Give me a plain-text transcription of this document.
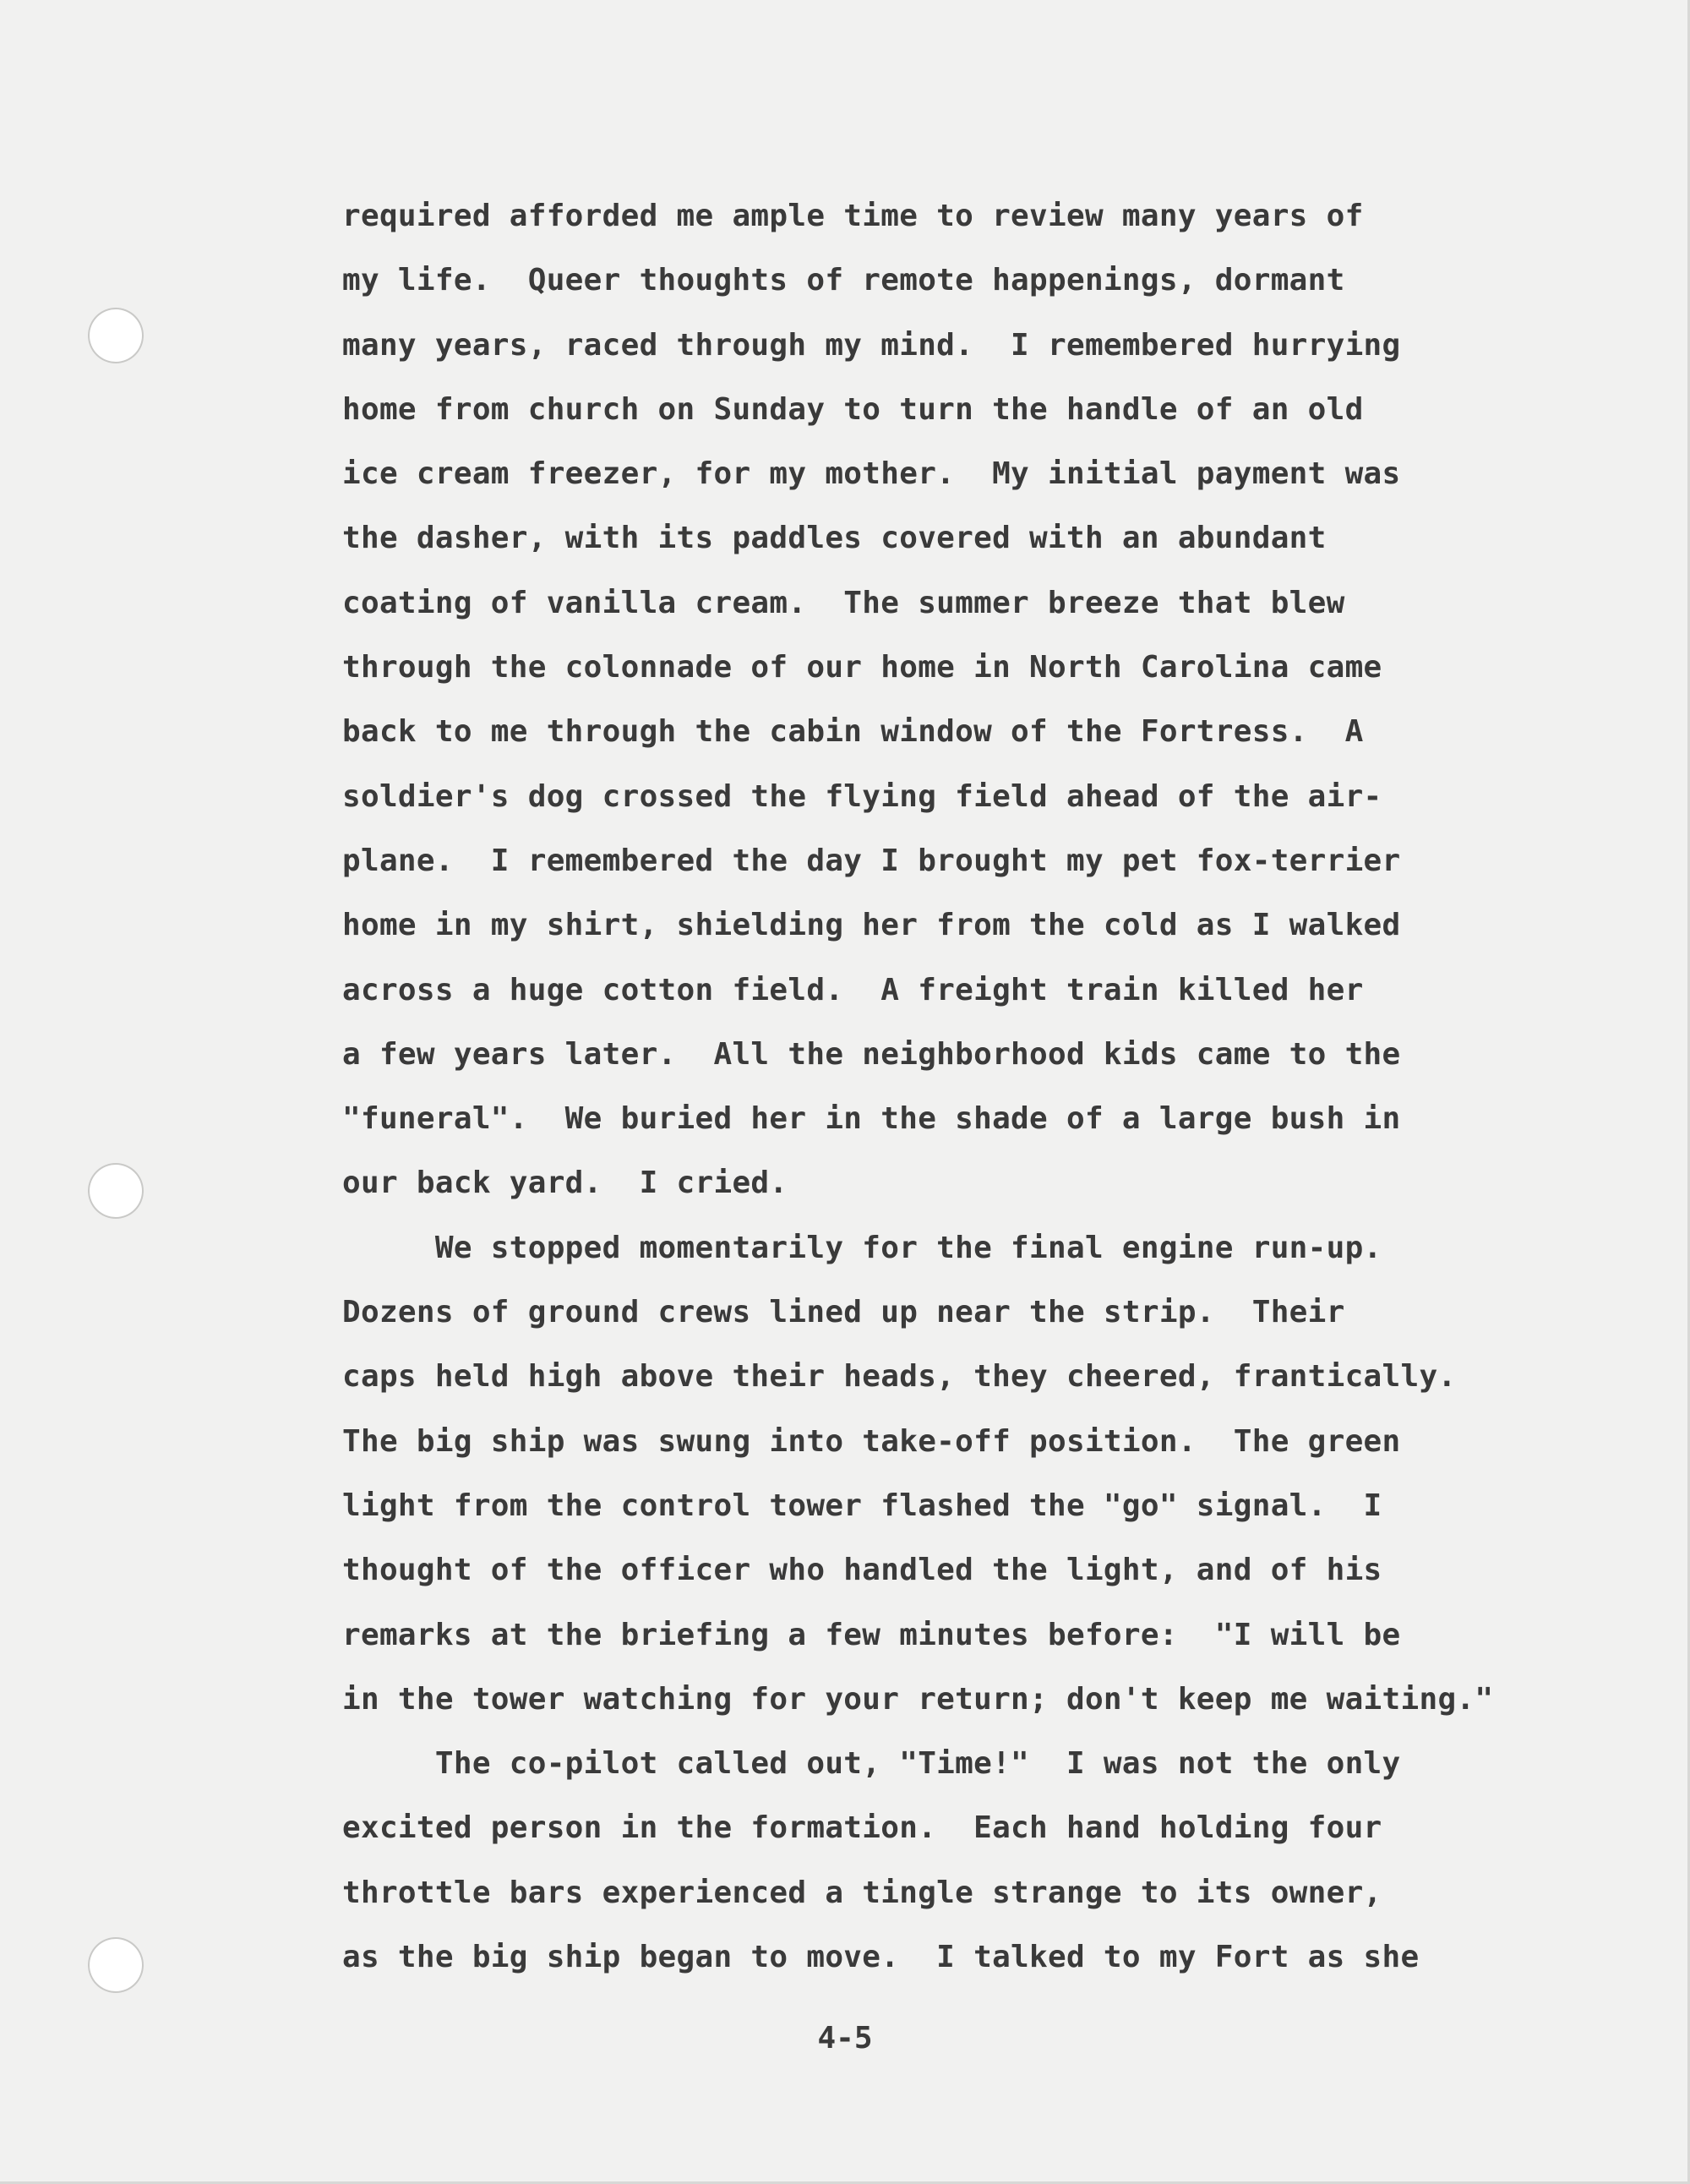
required afforded me ample time to review many years of
my life.  Queer thoughts of remote happenings, dormant
many years, raced through my mind.  I remembered hurrying
home from church on Sunday to turn the handle of an old
ice cream freezer, for my mother.  My initial payment was
the dasher, with its paddles covered with an abundant
coating of vanilla cream.  The summer breeze that blew
through the colonnade of our home in North Carolina came
back to me through the cabin window of the Fortress.  A
soldier's dog crossed the flying field ahead of the air-
plane.  I remembered the day I brought my pet fox-terrier
home in my shirt, shielding her from the cold as I walked
across a huge cotton field.  A freight train killed her
a few years later.  All the neighborhood kids came to the
"funeral".  We buried her in the shade of a large bush in
our back yard.  I cried.
We stopped momentarily for the final engine run-up.
Dozens of ground crews lined up near the strip.  Their
caps held high above their heads, they cheered, frantically.
The big ship was swung into take-off position.  The green
light from the control tower flashed the "go" signal.  I
thought of the officer who handled the light, and of his
remarks at the briefing a few minutes before:  "I will be
in the tower watching for your return; don't keep me waiting."
The co-pilot called out, "Time!"  I was not the only
excited person in the formation.  Each hand holding four
throttle bars experienced a tingle strange to its owner,
as the big ship began to move.  I talked to my Fort as she
4-5
